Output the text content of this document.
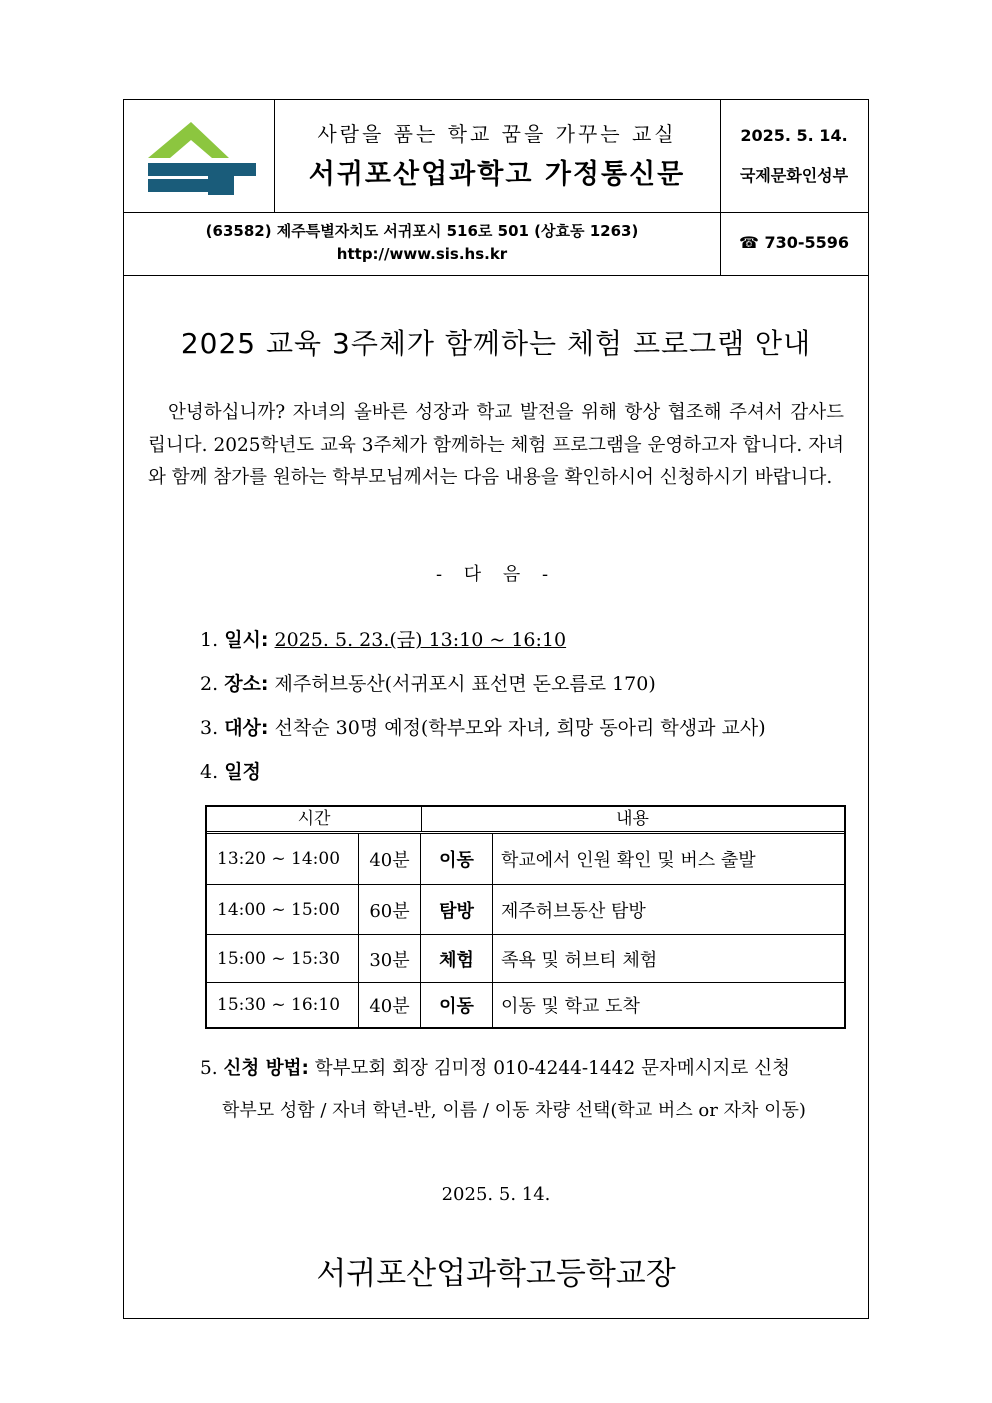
사람을 품는 학교 꿈을 가꾸는 교실
서귀포산업과학고 가정통신문
2025. 5. 14.
국제문화인성부
(63582) 제주특별자치도 서귀포시 516로 501 (상효동 1263)
http://www.sis.hs.kr
☎ 730-5596
2025 교육 3주체가 함께하는 체험 프로그램 안내
안녕하십니까? 자녀의 올바른 성장과 학교 발전을 위해 항상 협조해 주셔서 감사드립니다. 2025학년도 교육 3주체가 함께하는 체험 프로그램을 운영하고자 합니다. 자녀와 함께 참가를 원하는 학부모님께서는 다음 내용을 확인하시어 신청하시기 바랍니다.
- 다 음 -
1. 일시: 2025. 5. 23.(금) 13:10 ~ 16:10
2. 장소: 제주허브동산(서귀포시 표선면 돈오름로 170)
3. 대상: 선착순 30명 예정(학부모와 자녀, 희망 동아리 학생과 교사)
4. 일정
시간	내용
13:20 ~ 14:00	40분	이동	학교에서 인원 확인 및 버스 출발
14:00 ~ 15:00	60분	탐방	제주허브동산 탐방
15:00 ~ 15:30	30분	체험	족욕 및 허브티 체험
15:30 ~ 16:10	40분	이동	이동 및 학교 도착
5. 신청 방법: 학부모회 회장 김미정 010-4244-1442 문자메시지로 신청
학부모 성함 / 자녀 학년-반, 이름 / 이동 차량 선택(학교 버스 or 자차 이동)
2025. 5. 14.
서귀포산업과학고등학교장
